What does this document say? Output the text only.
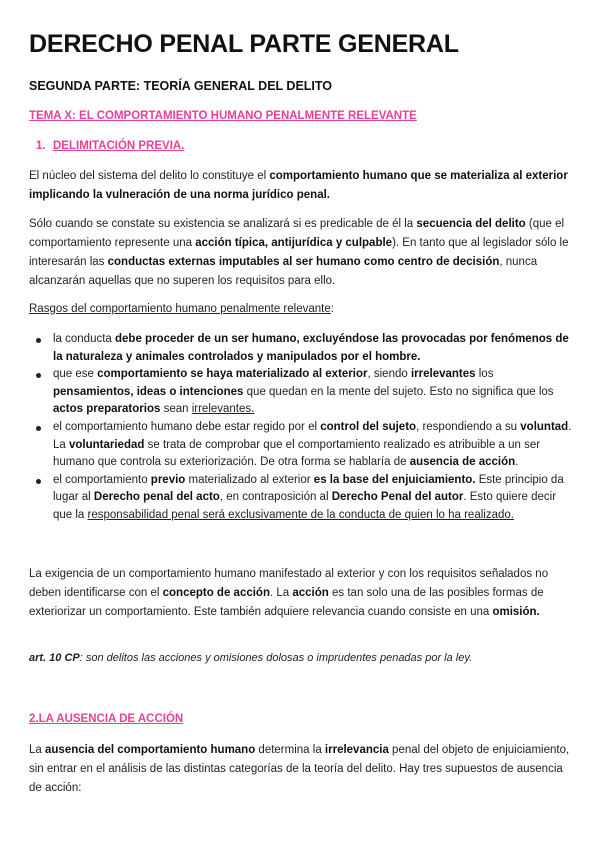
DERECHO PENAL PARTE GENERAL
SEGUNDA PARTE: TEORÍA GENERAL DEL DELITO
TEMA X: EL COMPORTAMIENTO HUMANO PENALMENTE RELEVANTE
1. DELIMITACIÓN PREVIA.

El núcleo del sistema del delito lo constituye el comportamiento humano que se materializa al exterior implicando la vulneración de una norma jurídico penal.

Sólo cuando se constate su existencia se analizará si es predicable de él la secuencia del delito (que el comportamiento represente una acción típica, antijurídica y culpable). En tanto que al legislador sólo le interesarán las conductas externas imputables al ser humano como centro de decisión, nunca alcanzarán aquellas que no superen los requisitos para ello.

Rasgos del comportamiento humano penalmente relevante:

la conducta debe proceder de un ser humano, excluyéndose las provocadas por fenómenos de la naturaleza y animales controlados y manipulados por el hombre.
que ese comportamiento se haya materializado al exterior, siendo irrelevantes los pensamientos, ideas o intenciones que quedan en la mente del sujeto. Esto no significa que los actos preparatorios sean irrelevantes.
el comportamiento humano debe estar regido por el control del sujeto, respondiendo a su voluntad. La voluntariedad se trata de comprobar que el comportamiento realizado es atribuible a un ser humano que controla su exteriorización. De otra forma se hablaría de ausencia de acción.
el comportamiento previo materializado al exterior es la base del enjuiciamiento. Este principio da lugar al Derecho penal del acto, en contraposición al Derecho Penal del autor. Esto quiere decir que la responsabilidad penal será exclusivamente de la conducta de quien lo ha realizado.

La exigencia de un comportamiento humano manifestado al exterior y con los requisitos señalados no deben identificarse con el concepto de acción. La acción es tan solo una de las posibles formas de exteriorizar un comportamiento. Este también adquiere relevancia cuando consiste en una omisión.

art. 10 CP: son delitos las acciones y omisiones dolosas o imprudentes penadas por la ley.

2.LA AUSENCIA DE ACCIÓN

La ausencia del comportamiento humano determina la irrelevancia penal del objeto de enjuiciamiento, sin entrar en el análisis de las distintas categorías de la teoría del delito. Hay tres supuestos de ausencia de acción:
